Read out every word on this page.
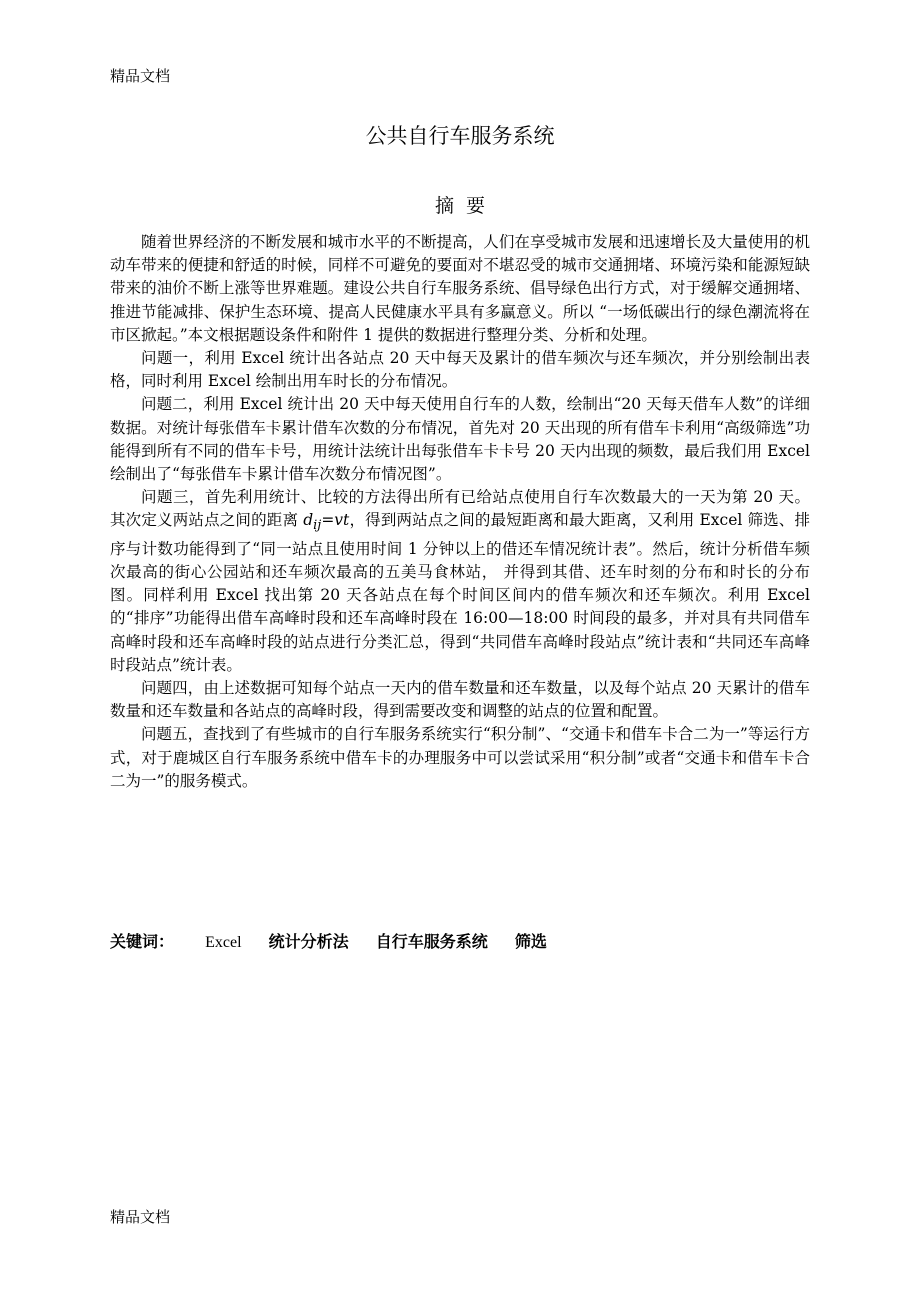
精品文档
公共自行车服务系统
摘要

随着世界经济的不断发展和城市水平的不断提高，人们在享受城市发展和迅速增长及大量使用的机动车带来的便捷和舒适的时候，同样不可避免的要面对不堪忍受的城市交通拥堵、环境污染和能源短缺带来的油价不断上涨等世界难题。建设公共自行车服务系统、倡导绿色出行方式，对于缓解交通拥堵、推进节能减排、保护生态环境、提高人民健康水平具有多赢意义。所以 “一场低碳出行的绿色潮流将在市区掀起。”本文根据题设条件和附件 1 提供的数据进行整理分类、分析和处理。

问题一，利用 Excel 统计出各站点 20 天中每天及累计的借车频次与还车频次，并分别绘制出表格，同时利用 Excel 绘制出用车时长的分布情况。

问题二，利用 Excel 统计出 20 天中每天使用自行车的人数，绘制出“20 天每天借车人数”的详细数据。对统计每张借车卡累计借车次数的分布情况，首先对 20 天出现的所有借车卡利用“高级筛选”功能得到所有不同的借车卡号，用统计法统计出每张借车卡卡号 20 天内出现的频数，最后我们用 Excel 绘制出了“每张借车卡累计借车次数分布情况图”。

问题三，首先利用统计、比较的方法得出所有已给站点使用自行车次数最大的一天为第 20 天。 其次定义两站点之间的距离 $d_{ij}=vt$，得到两站点之间的最短距离和最大距离，又利用 Excel 筛选、排序与计数功能得到了“同一站点且使用时间 1 分钟以上的借还车情况统计表”。然后，统计分析借车频次最高的街心公园站和还车频次最高的五美马食林站， 并得到其借、还车时刻的分布和时长的分布图。同样利用 Excel 找出第 20 天各站点在每个时间区间内的借车频次和还车频次。利用 Excel 的“排序”功能得出借车高峰时段和还车高峰时段在 16:00—18:00 时间段的最多，并对具有共同借车高峰时段和还车高峰时段的站点进行分类汇总，得到“共同借车高峰时段站点”统计表和“共同还车高峰时段站点”统计表。

问题四，由上述数据可知每个站点一天内的借车数量和还车数量，以及每个站点 20 天累计的借车数量和还车数量和各站点的高峰时段，得到需要改变和调整的站点的位置和配置。

问题五，查找到了有些城市的自行车服务系统实行“积分制”、“交通卡和借车卡合二为一”等运行方式，对于鹿城区自行车服务系统中借车卡的办理服务中可以尝试采用“积分制”或者“交通卡和借车卡合二为一”的服务模式。

关键词： Excel 统计分析法 自行车服务系统 筛选
精品文档
